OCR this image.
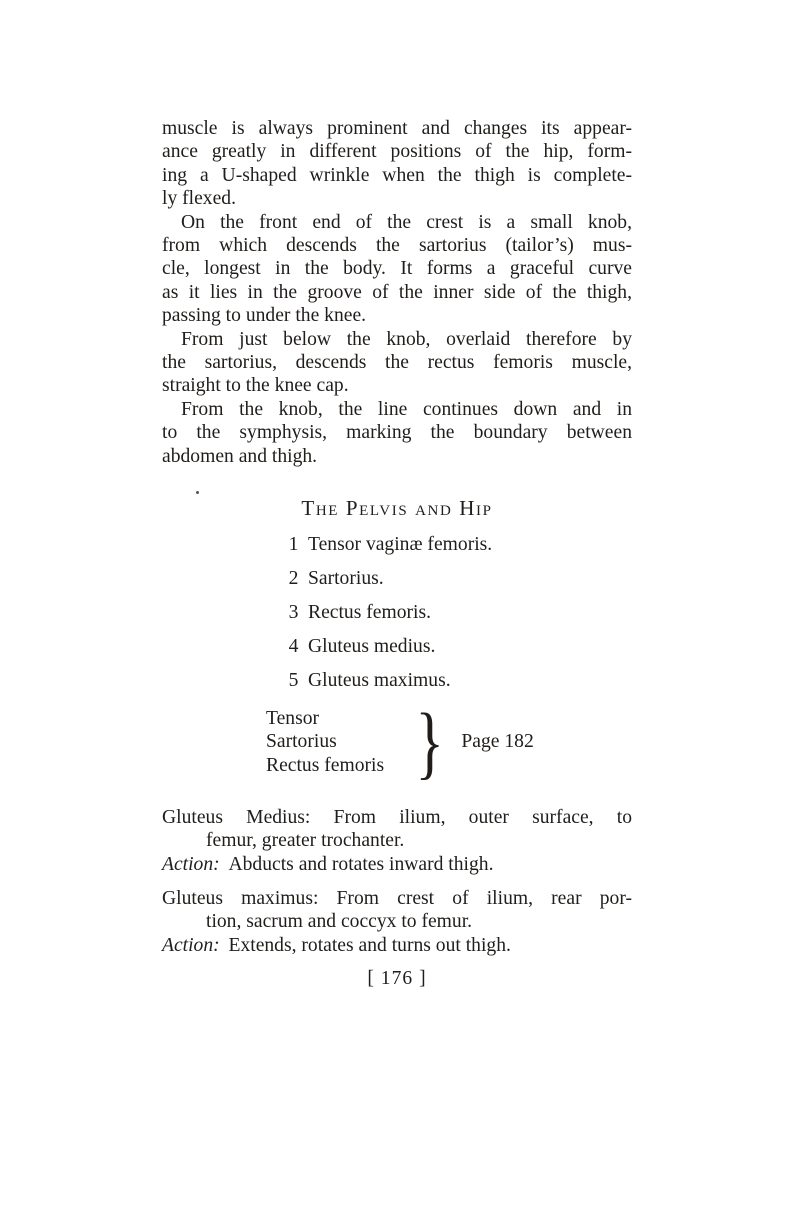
muscle is always prominent and changes its appear-
ance greatly in different positions of the hip, form-
ing a U-shaped wrinkle when the thigh is complete-
ly flexed.
On the front end of the crest is a small knob,
from which descends the sartorius (tailor’s) mus-
cle, longest in the body. It forms a graceful curve
as it lies in the groove of the inner side of the thigh,
passing to under the knee.
From just below the knob, overlaid therefore by
the sartorius, descends the rectus femoris muscle,
straight to the knee cap.
From the knob, the line continues down and in
to the symphysis, marking the boundary between
abdomen and thigh.
The Pelvis and Hip
1 Tensor vaginæ femoris.
2 Sartorius.
3 Rectus femoris.
4 Gluteus medius.
5 Gluteus maximus.
Tensor
Sartorius
Rectus femoris } Page 182
Gluteus Medius: From ilium, outer surface, to
femur, greater trochanter.
Action: Abducts and rotates inward thigh.
Gluteus maximus: From crest of ilium, rear por-
tion, sacrum and coccyx to femur.
Action: Extends, rotates and turns out thigh.
[ 176 ]
